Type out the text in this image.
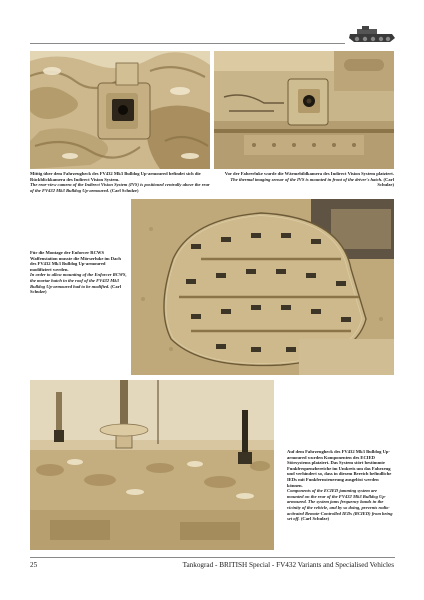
Mittig über dem Fahrzeugheck des FV432 Mk3 Bulldog Up-armoured befindet sich die Rückblickkamera des Indirect Vision System.
The rear-view camera of the Indirect Vision System (IVS) is positioned centrally above the rear of the FV432 Mk3 Bulldog Up-armoured. (Carl Schulze)
Vor der Fahrerluke wurde die Wärmebildkamera des Indirect Vision System platziert.
The thermal imaging sensor of the IVS is mounted in front of the driver's hatch. (Carl Schulze)
Für die Montage der Enforcer RCWS Waffenstation musste die Mörserluke im Dach des FV432 Mk3 Bulldog Up-armoured modifiziert werden.
In order to allow mounting of the Enforcer RCWS, the mortar hatch in the roof of the FV432 Mk3 Bulldog Up-armoured had to be modified. (Carl Schulze)
Auf dem Fahrzeugheck des FV432 Mk3 Bulldog Up-armoured wurden Komponenten des ECIED Störsystems platziert. Das System stört bestimmte Funkfrequenzbereiche im Umkreis um das Fahrzeug und verhindert so, dass in diesem Bereich befindliche IEDs mit Funkfernsteuerung ausgelöst werden können.
Components of the ECIED jamming system are mounted on the rear of the FV432 Mk3 Bulldog Up-armoured. The system jams frequency bands in the vicinity of the vehicle, and by so doing, prevents radio-activated Remote-Controlled IEDs (RCIED) from being set off. (Carl Schulze)
25	Tankograd - BRITISH Special - FV432 Variants and Specialised Vehicles
